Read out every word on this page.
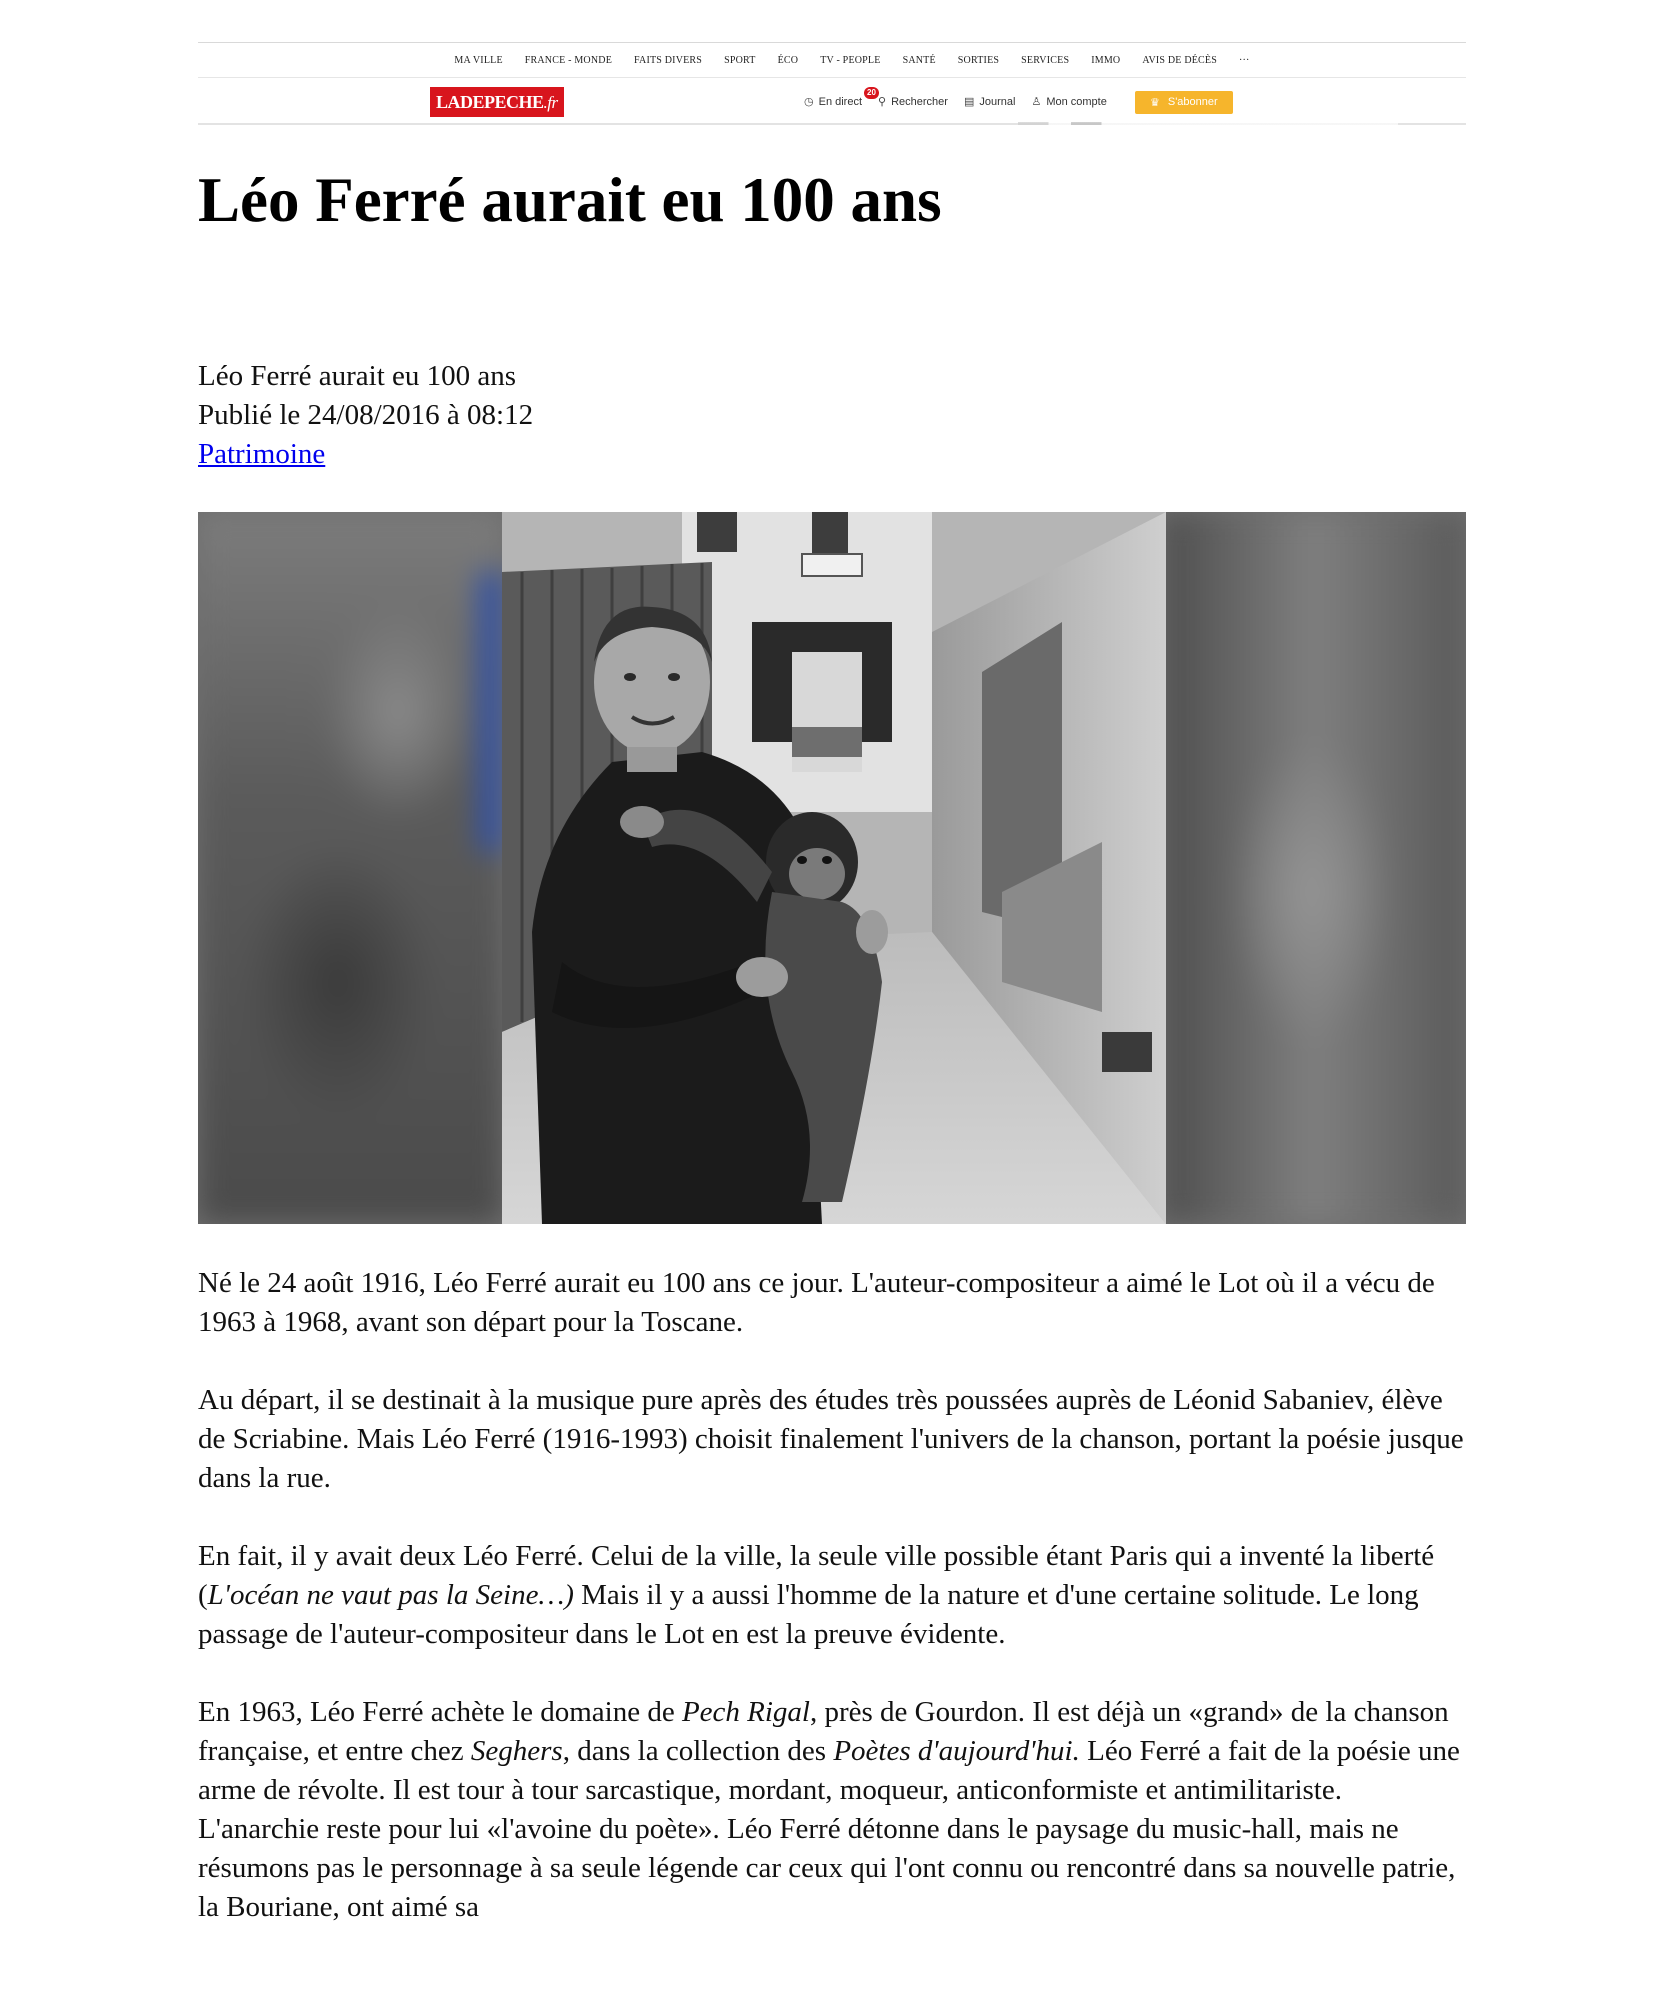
MA VILLE FRANCE - MONDE FAITS DIVERS SPORT ÉCO TV - PEOPLE SANTÉ SORTIES SERVICES IMMO AVIS DE DÉCÈS ···
LADEPECHE.fr	◷ En direct
20
⚲ Rechercher ▤ Journal ♙ Mon compte	♛ S'abonner
Léo Ferré aurait eu 100 ans
Léo Ferré aurait eu 100 ans
Publié le 24/08/2016 à 08:12
Patrimoine

Né le 24 août 1916, Léo Ferré aurait eu 100 ans ce jour. L'auteur-compositeur a aimé le Lot où il a vécu de 1963 à 1968, avant son départ pour la Toscane.

Au départ, il se destinait à la musique pure après des études très poussées auprès de Léonid Sabaniev, élève de Scriabine. Mais Léo Ferré (1916-1993) choisit finalement l'univers de la chanson, portant la poésie jusque dans la rue.

En fait, il y avait deux Léo Ferré. Celui de la ville, la seule ville possible étant Paris qui a inventé la liberté (L'océan ne vaut pas la Seine…) Mais il y a aussi l'homme de la nature et d'une certaine solitude. Le long passage de l'auteur-compositeur dans le Lot en est la preuve évidente.

En 1963, Léo Ferré achète le domaine de Pech Rigal, près de Gourdon. Il est déjà un «grand» de la chanson française, et entre chez Seghers, dans la collection des Poètes d'aujourd'hui. Léo Ferré a fait de la poésie une arme de révolte. Il est tour à tour sarcastique, mordant, moqueur, anticonformiste et antimilitariste. L'anarchie reste pour lui «l'avoine du poète». Léo Ferré détonne dans le paysage du music-hall, mais ne résumons pas le personnage à sa seule légende car ceux qui l'ont connu ou rencontré dans sa nouvelle patrie, la Bouriane, ont aimé sa
